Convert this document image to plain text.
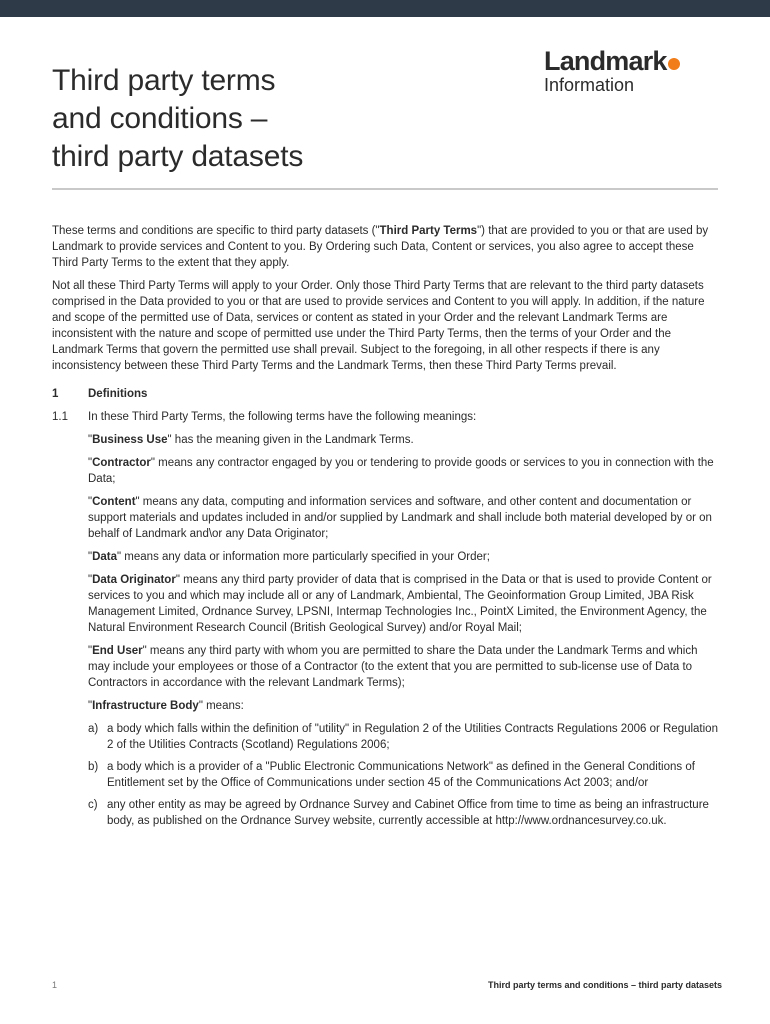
Third party terms
and conditions –
third party datasets
Landmark
Information

These terms and conditions are specific to third party datasets ("Third Party Terms") that are provided to you or that are used by Landmark to provide services and Content to you. By Ordering such Data, Content or services, you also agree to accept these Third Party Terms to the extent that they apply.

Not all these Third Party Terms will apply to your Order. Only those Third Party Terms that are relevant to the third party datasets comprised in the Data provided to you or that are used to provide services and Content to you will apply. In addition, if the nature and scope of the permitted use of Data, services or content as stated in your Order and the relevant Landmark Terms are inconsistent with the nature and scope of permitted use under the Third Party Terms, then the terms of your Order and the Landmark Terms that govern the permitted use shall prevail. Subject to the foregoing, in all other respects if there is any inconsistency between these Third Party Terms and the Landmark Terms, then these Third Party Terms prevail.

1	Definitions
1.1	In these Third Party Terms, the following terms have the following meanings:

"Business Use" has the meaning given in the Landmark Terms.

"Contractor" means any contractor engaged by you or tendering to provide goods or services to you in connection with the Data;

"Content" means any data, computing and information services and software, and other content and documentation or support materials and updates included in and/or supplied by Landmark and shall include both material developed by or on behalf of Landmark and\or any Data Originator;

"Data" means any data or information more particularly specified in your Order;

"Data Originator" means any third party provider of data that is comprised in the Data or that is used to provide Content or services to you and which may include all or any of Landmark, Ambiental, The Geoinformation Group Limited, JBA Risk Management Limited, Ordnance Survey, LPSNI, Intermap Technologies Inc., PointX Limited, the Environment Agency, the Natural Environment Research Council (British Geological Survey) and/or Royal Mail;

"End User" means any third party with whom you are permitted to share the Data under the Landmark Terms and which may include your employees or those of a Contractor (to the extent that you are permitted to sub-license use of Data to Contractors in accordance with the relevant Landmark Terms);

"Infrastructure Body" means:

a) a body which falls within the definition of "utility" in Regulation 2 of the Utilities Contracts Regulations 2006 or Regulation 2 of the Utilities Contracts (Scotland) Regulations 2006;
b) a body which is a provider of a "Public Electronic Communications Network" as defined in the General Conditions of Entitlement set by the Office of Communications under section 45 of the Communications Act 2003; and/or
c) any other entity as may be agreed by Ordnance Survey and Cabinet Office from time to time as being an infrastructure body, as published on the Ordnance Survey website, currently accessible at http://www.ordnancesurvey.co.uk.
1	Third party terms and conditions – third party datasets
